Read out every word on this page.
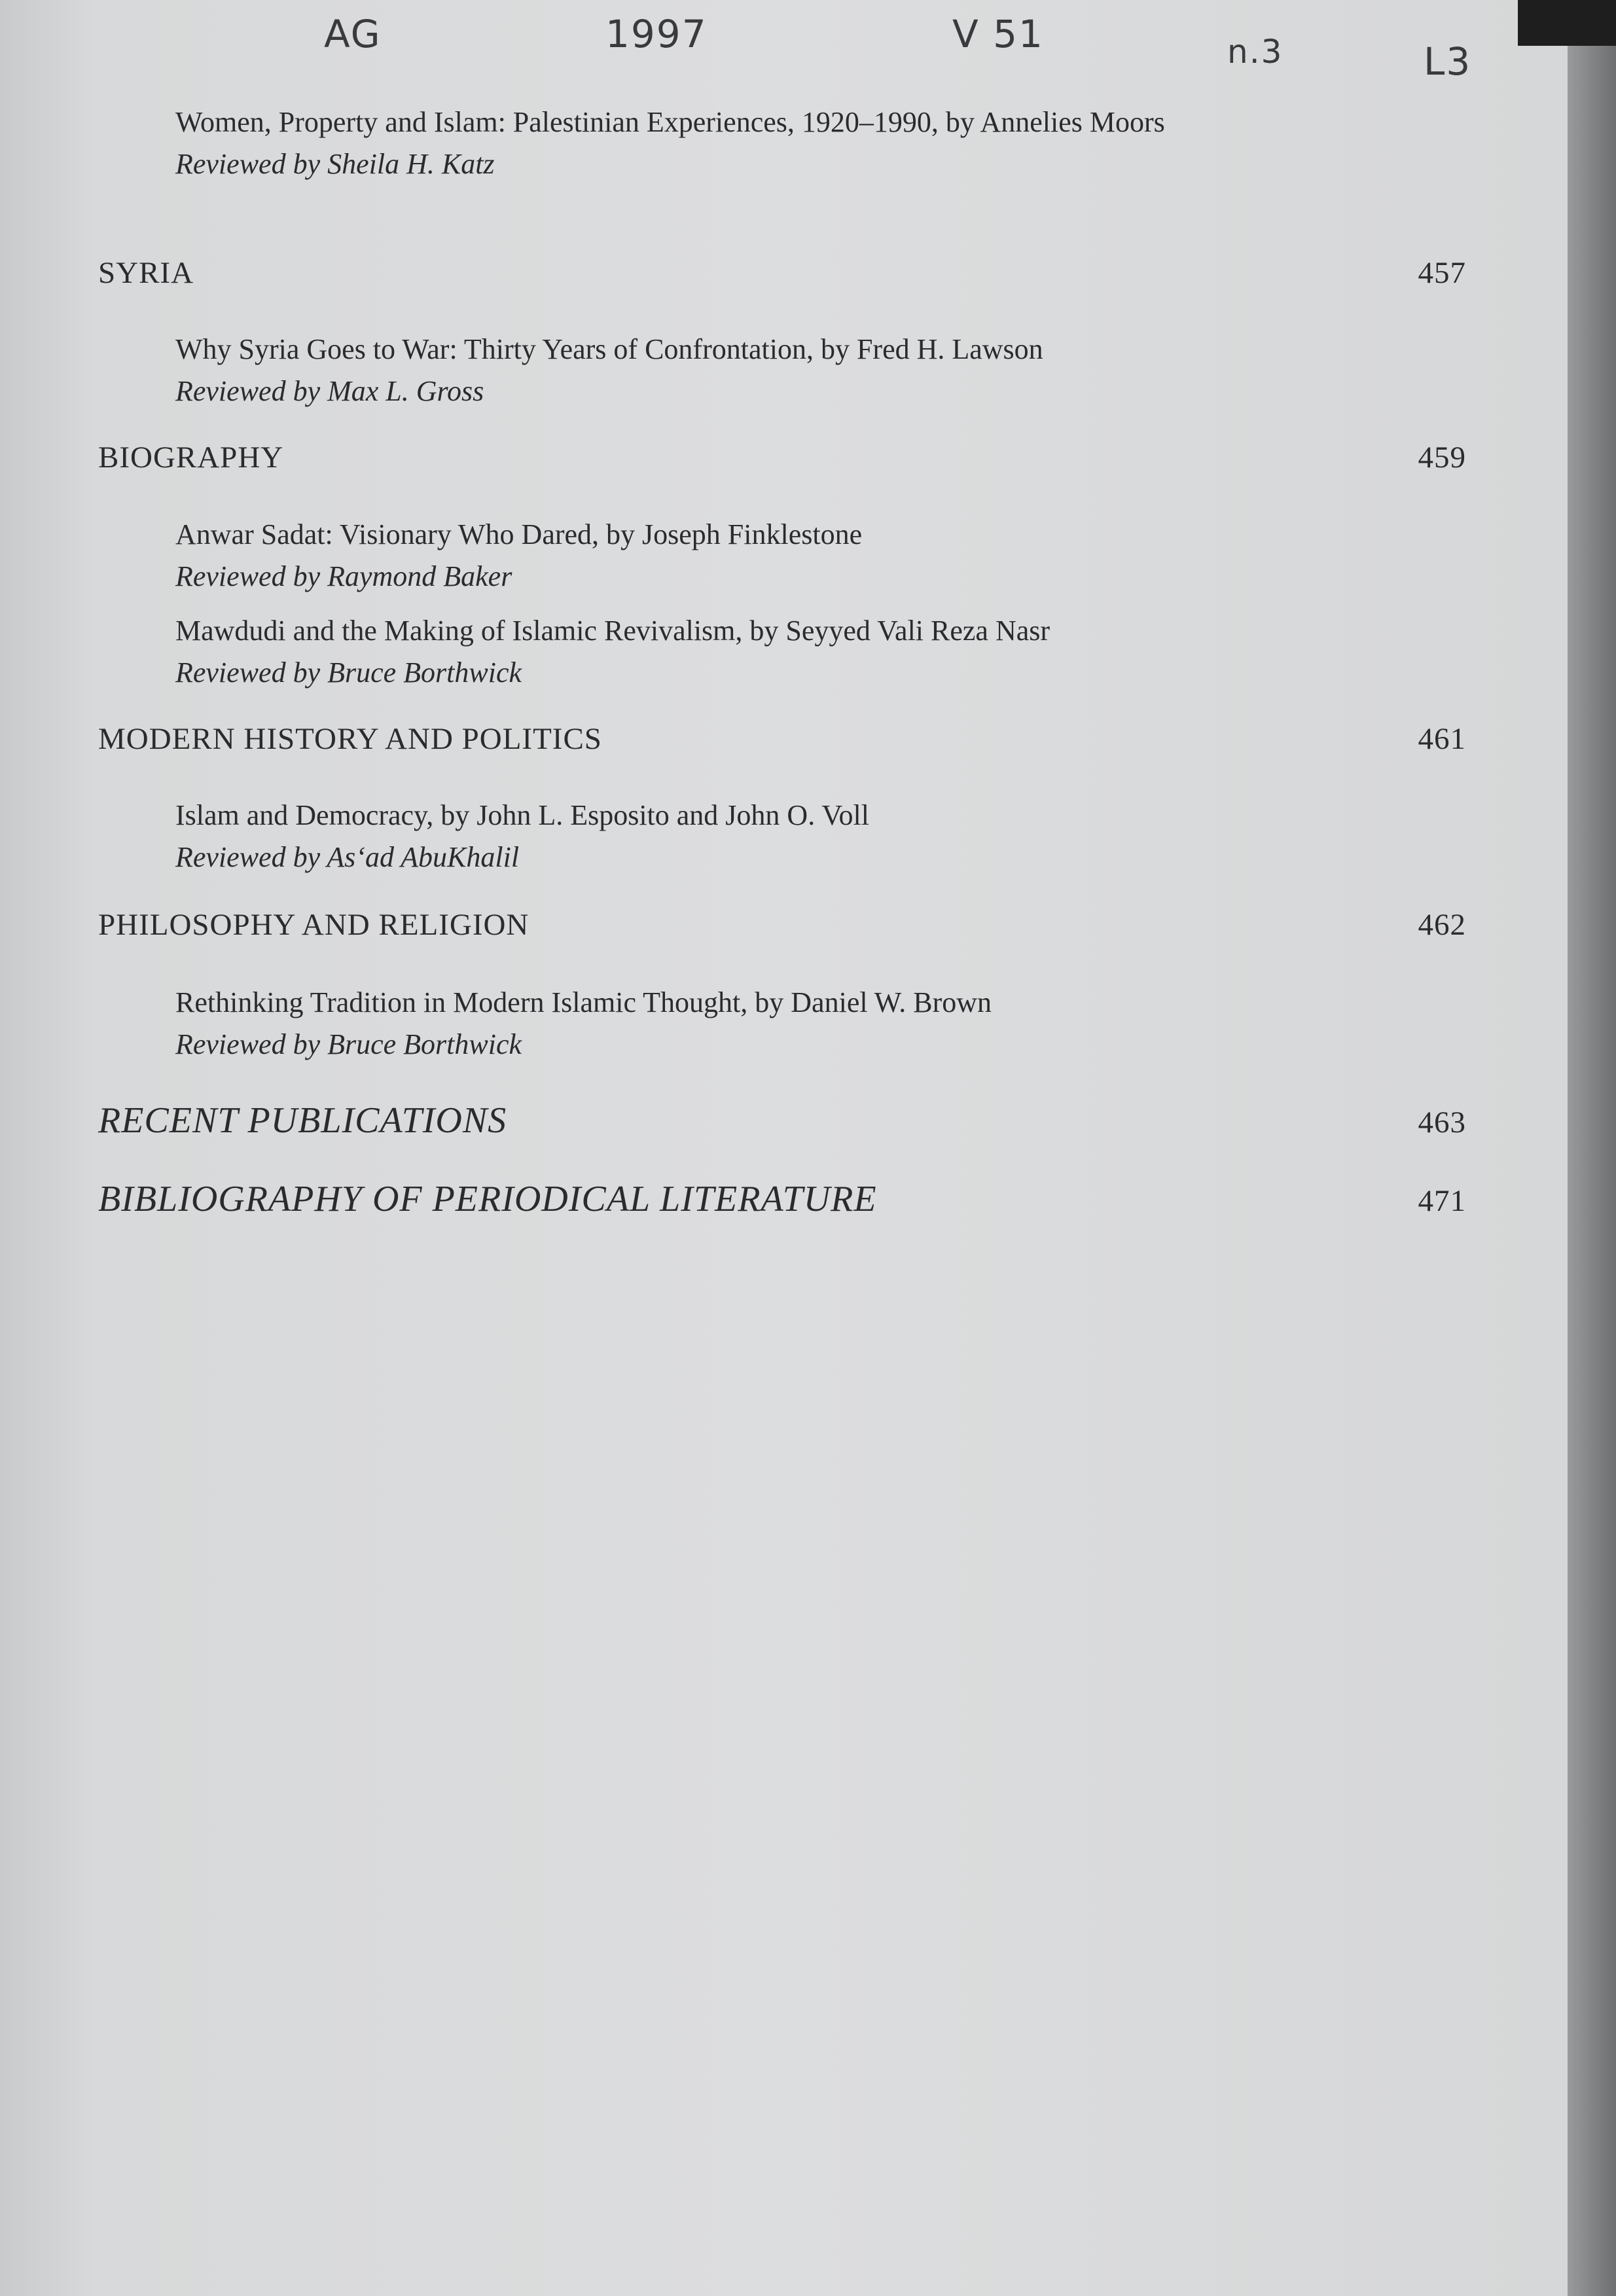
AG	1997	V 51	n.3	L3
Women, Property and Islam: Palestinian Experiences, 1920–1990, by Annelies Moors
Reviewed by Sheila H. Katz
SYRIA	457
Why Syria Goes to War: Thirty Years of Confrontation, by Fred H. Lawson
Reviewed by Max L. Gross
BIOGRAPHY	459
Anwar Sadat: Visionary Who Dared, by Joseph Finklestone
Reviewed by Raymond Baker
Mawdudi and the Making of Islamic Revivalism, by Seyyed Vali Reza Nasr
Reviewed by Bruce Borthwick
MODERN HISTORY AND POLITICS	461
Islam and Democracy, by John L. Esposito and John O. Voll
Reviewed by As‘ad AbuKhalil
PHILOSOPHY AND RELIGION	462
Rethinking Tradition in Modern Islamic Thought, by Daniel W. Brown
Reviewed by Bruce Borthwick
RECENT PUBLICATIONS	463
BIBLIOGRAPHY OF PERIODICAL LITERATURE	471
